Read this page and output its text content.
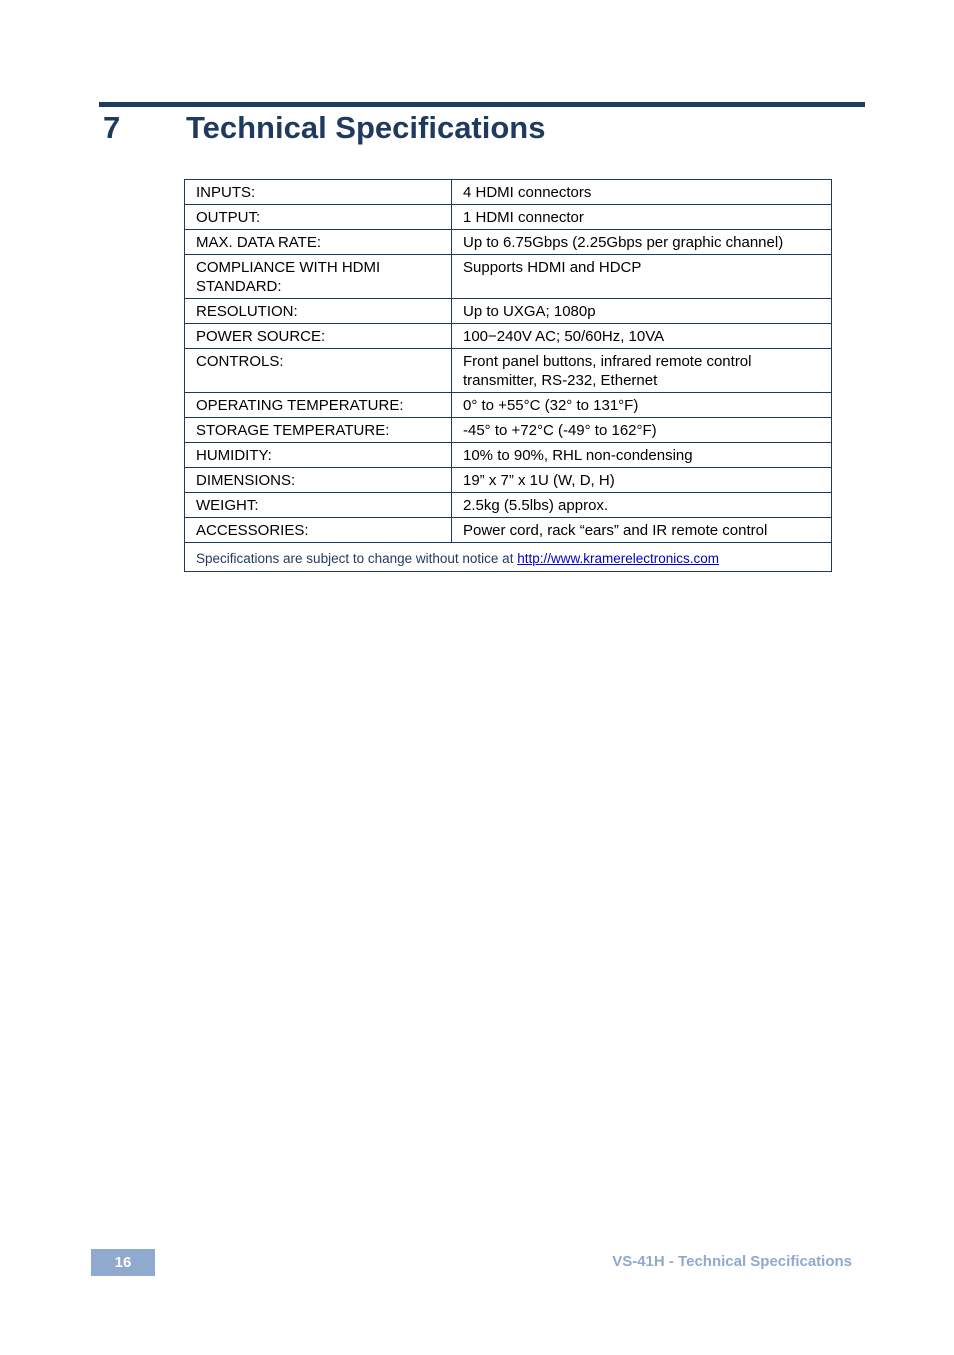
7 Technical Specifications
INPUTS:	4 HDMI connectors
OUTPUT:	1 HDMI connector
MAX. DATA RATE:	Up to 6.75Gbps (2.25Gbps per graphic channel)
COMPLIANCE WITH HDMI STANDARD:	Supports HDMI and HDCP
RESOLUTION:	Up to UXGA; 1080p
POWER SOURCE:	100−240V AC; 50/60Hz, 10VA
CONTROLS:	Front panel buttons, infrared remote control transmitter, RS-232, Ethernet
OPERATING TEMPERATURE:	0° to +55°C (32° to 131°F)
STORAGE TEMPERATURE:	-45° to +72°C (-49° to 162°F)
HUMIDITY:	10% to 90%, RHL non-condensing
DIMENSIONS:	19” x 7” x 1U (W, D, H)
WEIGHT:	2.5kg (5.5lbs) approx.
ACCESSORIES:	Power cord, rack “ears” and IR remote control
Specifications are subject to change without notice at http://www.kramerelectronics.com	
16	VS-41H - Technical Specifications
